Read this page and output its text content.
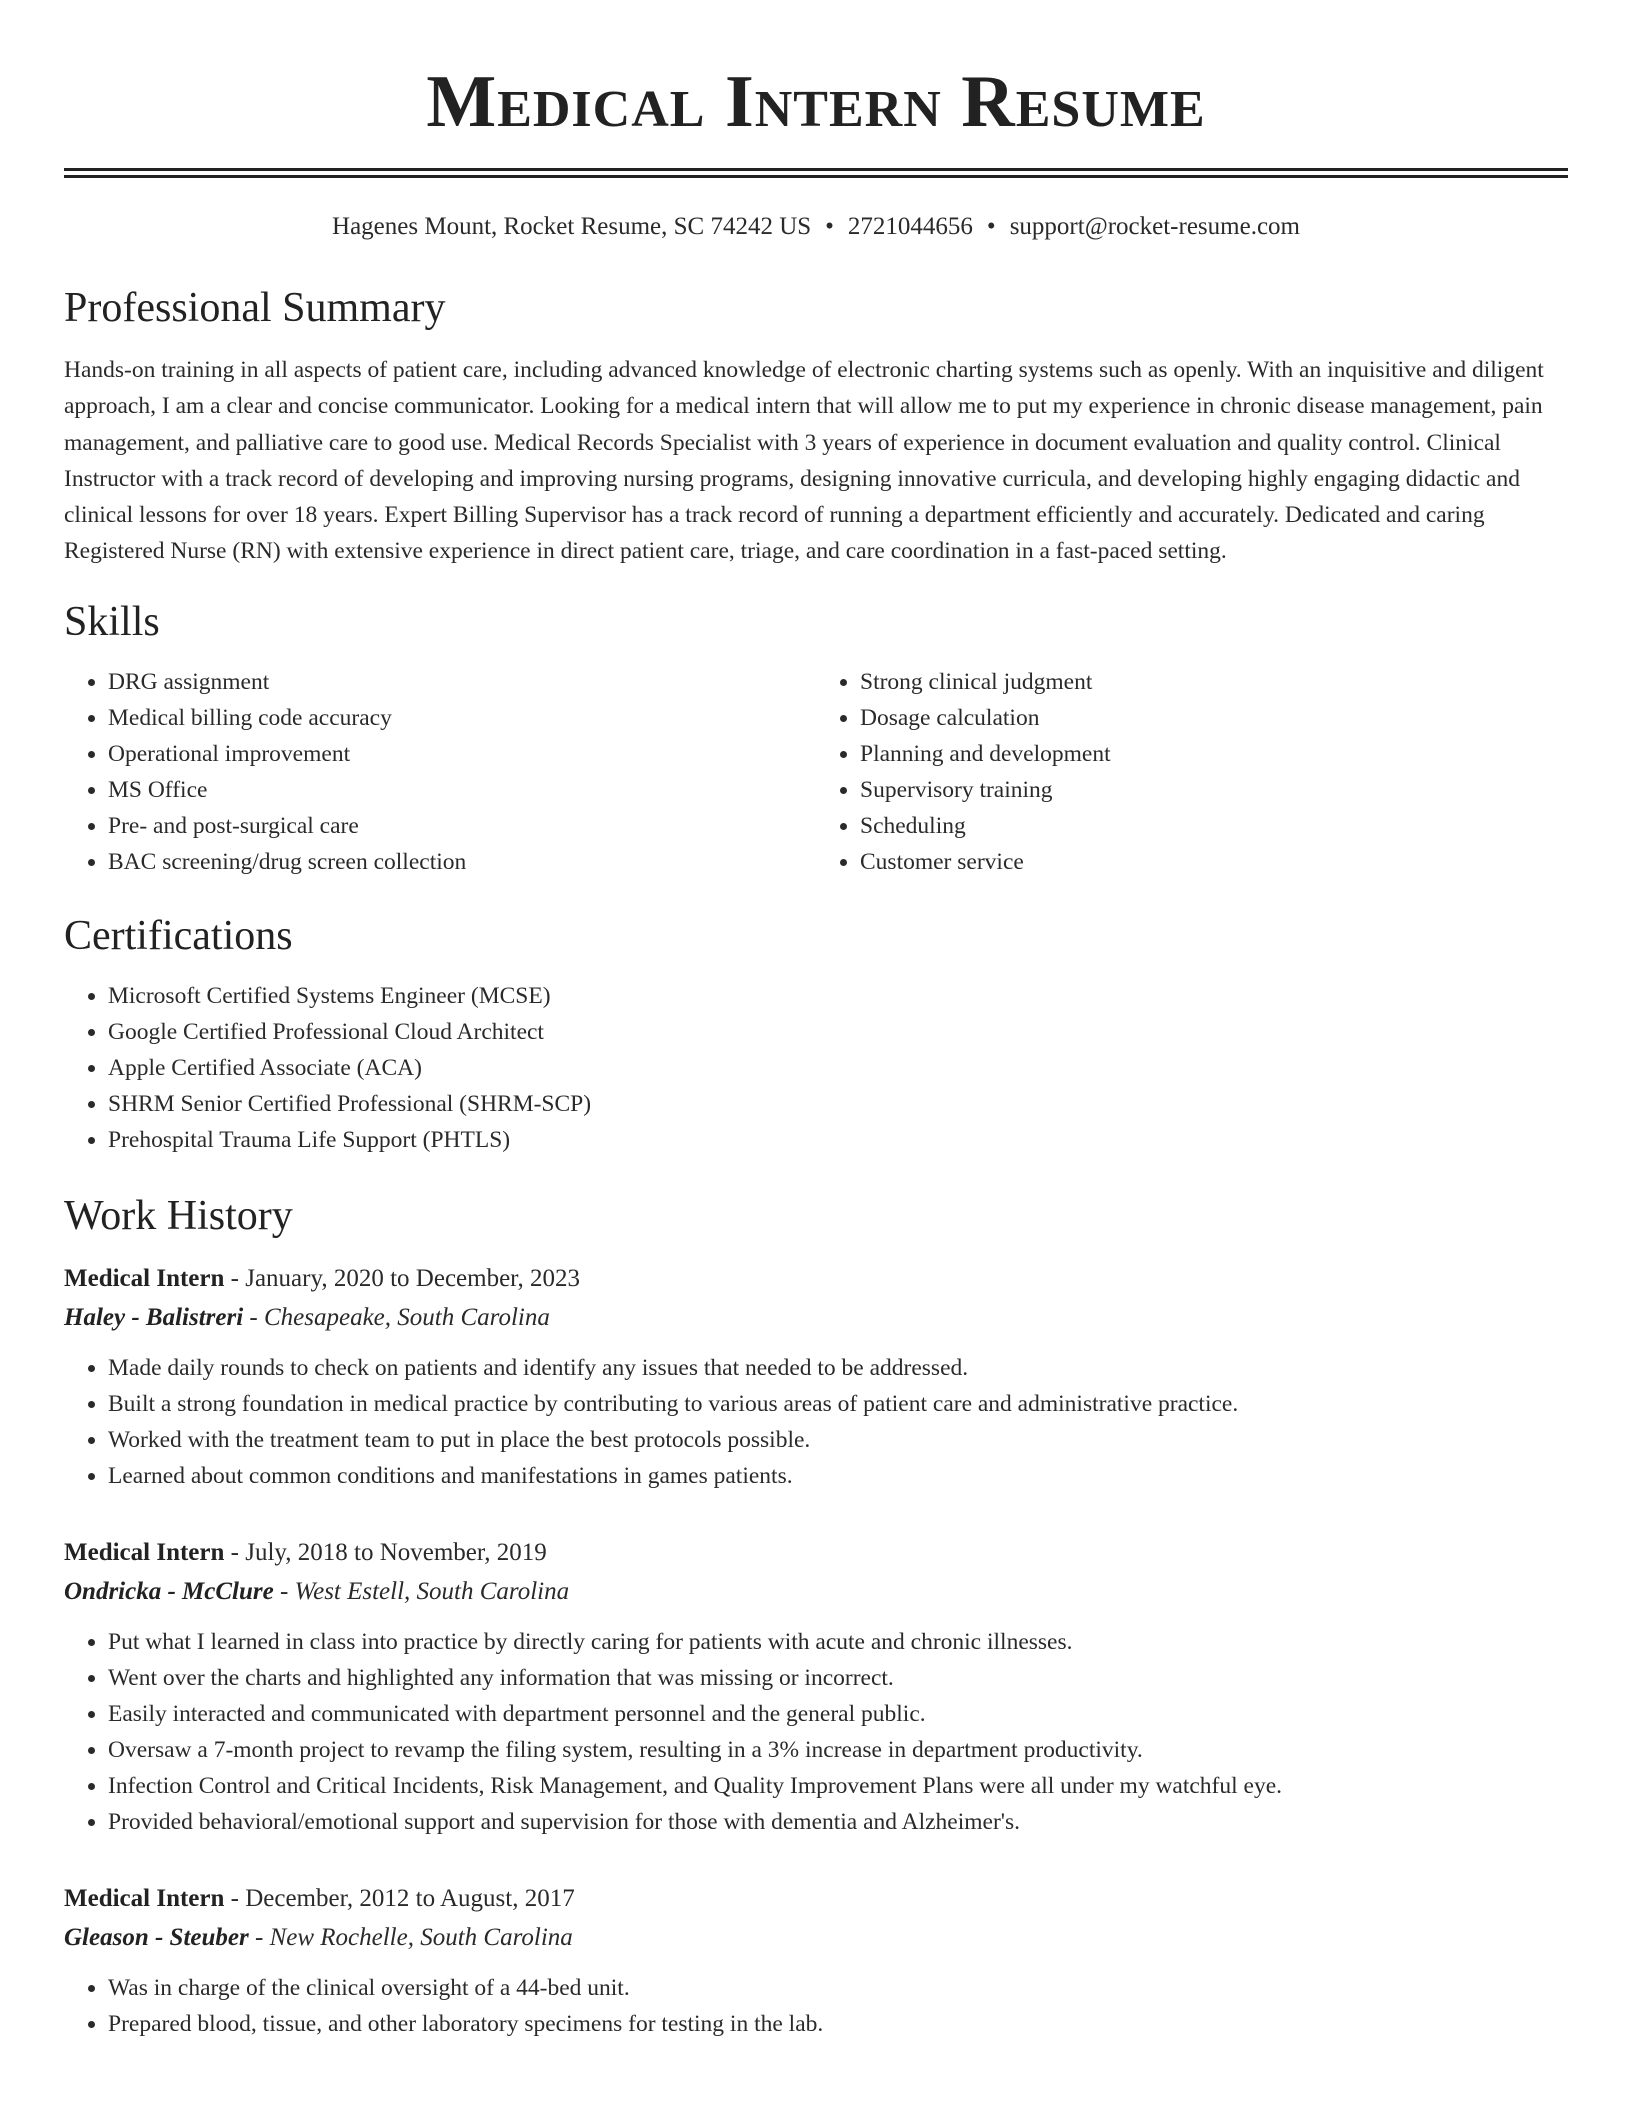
Medical Intern Resume
Hagenes Mount, Rocket Resume, SC 74242 US • 2721044656 • support@rocket-resume.com
Professional Summary

Hands-on training in all aspects of patient care, including advanced knowledge of electronic charting systems such as openly. With an inquisitive and diligent approach, I am a clear and concise communicator. Looking for a medical intern that will allow me to put my experience in chronic disease management, pain management, and palliative care to good use. Medical Records Specialist with 3 years of experience in document evaluation and quality control. Clinical Instructor with a track record of developing and improving nursing programs, designing innovative curricula, and developing highly engaging didactic and clinical lessons for over 18 years. Expert Billing Supervisor has a track record of running a department efficiently and accurately. Dedicated and caring Registered Nurse (RN) with extensive experience in direct patient care, triage, and care coordination in a fast-paced setting.

Skills
• DRG assignment
• Medical billing code accuracy
• Operational improvement
• MS Office
• Pre- and post-surgical care
• BAC screening/drug screen collection
• Strong clinical judgment
• Dosage calculation
• Planning and development
• Supervisory training
• Scheduling
• Customer service
Certifications
• Microsoft Certified Systems Engineer (MCSE)
• Google Certified Professional Cloud Architect
• Apple Certified Associate (ACA)
• SHRM Senior Certified Professional (SHRM-SCP)
• Prehospital Trauma Life Support (PHTLS)
Work History
Medical Intern - January, 2020 to December, 2023
Haley - Balistreri - Chesapeake, South Carolina
• Made daily rounds to check on patients and identify any issues that needed to be addressed.
• Built a strong foundation in medical practice by contributing to various areas of patient care and administrative practice.
• Worked with the treatment team to put in place the best protocols possible.
• Learned about common conditions and manifestations in games patients.
Medical Intern - July, 2018 to November, 2019
Ondricka - McClure - West Estell, South Carolina
• Put what I learned in class into practice by directly caring for patients with acute and chronic illnesses.
• Went over the charts and highlighted any information that was missing or incorrect.
• Easily interacted and communicated with department personnel and the general public.
• Oversaw a 7-month project to revamp the filing system, resulting in a 3% increase in department productivity.
• Infection Control and Critical Incidents, Risk Management, and Quality Improvement Plans were all under my watchful eye.
• Provided behavioral/emotional support and supervision for those with dementia and Alzheimer's.
Medical Intern - December, 2012 to August, 2017
Gleason - Steuber - New Rochelle, South Carolina
• Was in charge of the clinical oversight of a 44-bed unit.
• Prepared blood, tissue, and other laboratory specimens for testing in the lab.
